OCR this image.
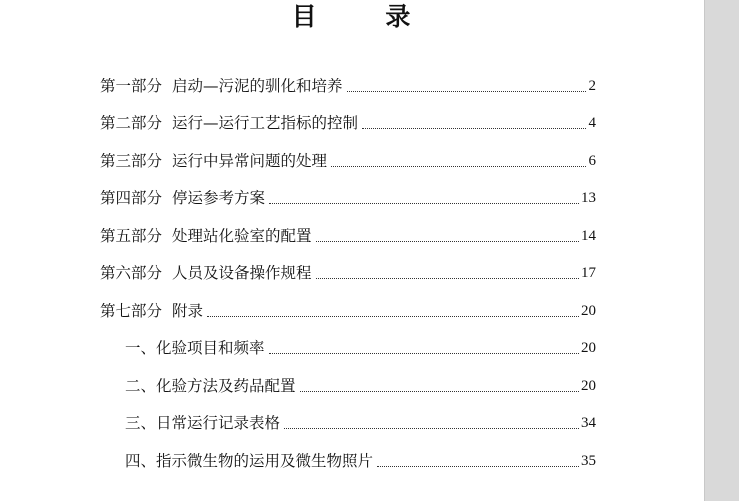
目 录
第一部分 启动—污泥的驯化和培养	2
第二部分 运行—运行工艺指标的控制	4
第三部分 运行中异常问题的处理	6
第四部分 停运参考方案	13
第五部分 处理站化验室的配置	14
第六部分 人员及设备操作规程	17
第七部分 附录	20
一、 化验项目和频率	20
二、 化验方法及药品配置	20
三、 日常运行记录表格	34
四、 指示微生物的运用及微生物照片	35
